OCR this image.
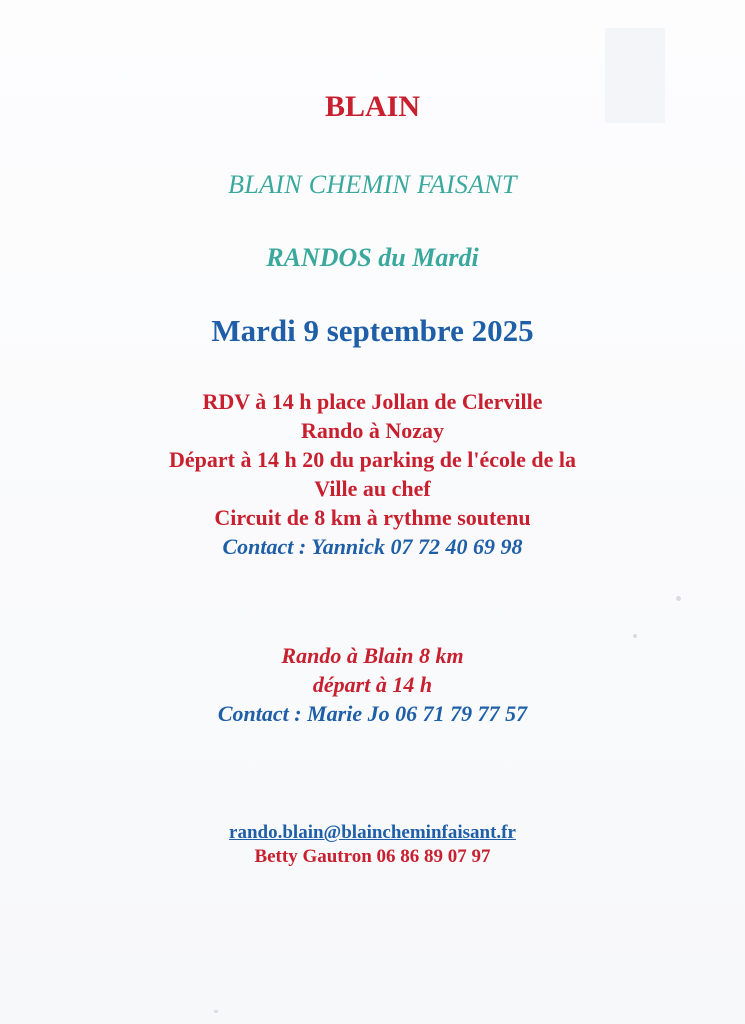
BLAIN
BLAIN CHEMIN FAISANT
RANDOS du Mardi
Mardi 9 septembre 2025
RDV à 14 h place Jollan de Clerville
Rando à Nozay
Départ à 14 h 20 du parking de l'école de la
Ville au chef
Circuit de 8 km à rythme soutenu
Contact : Yannick 07 72 40 69 98
Rando à Blain 8 km
départ à 14 h
Contact : Marie Jo 06 71 79 77 57
rando.blain@blaincheminfaisant.fr
Betty Gautron 06 86 89 07 97
